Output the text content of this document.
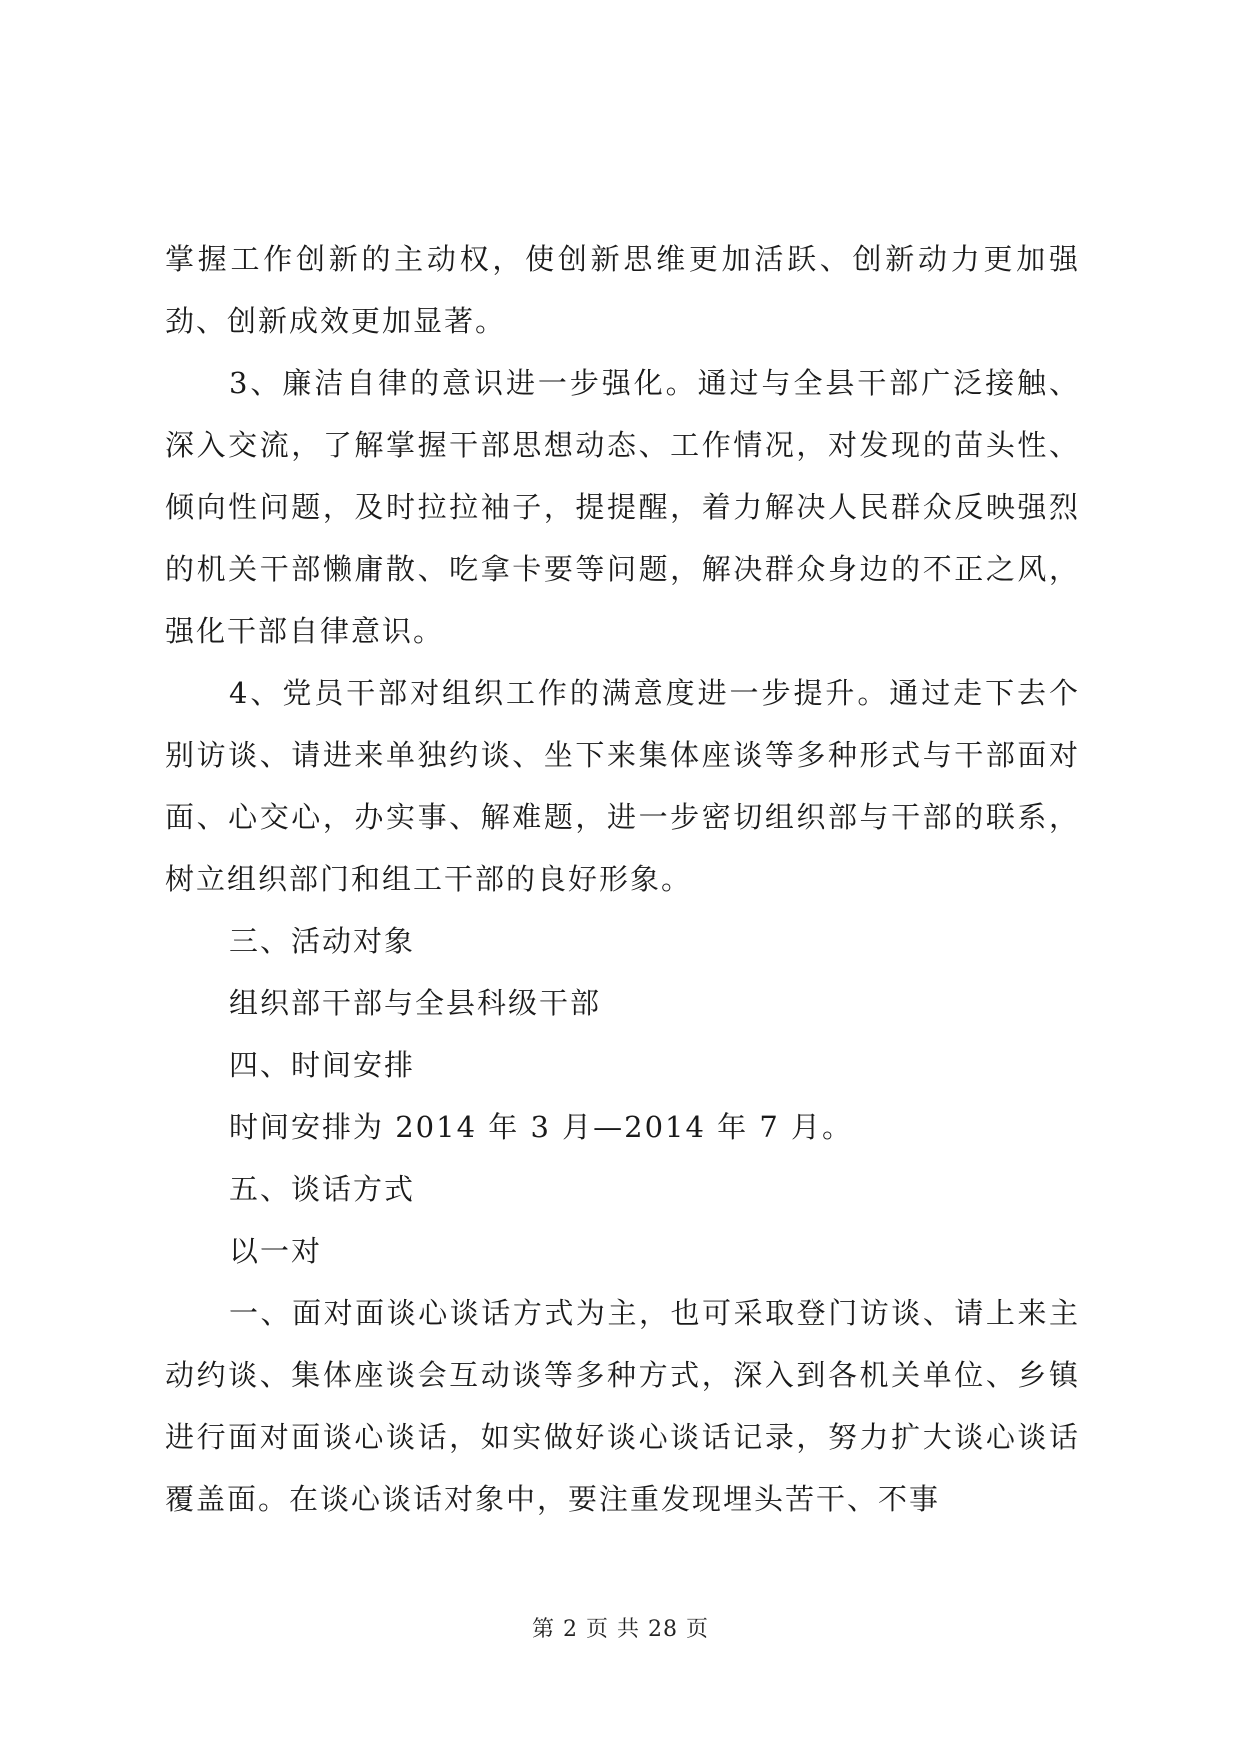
掌握工作创新的主动权，使创新思维更加活跃、创新动力更加强劲、创新成效更加显著。

3、廉洁自律的意识进一步强化。通过与全县干部广泛接触、深入交流，了解掌握干部思想动态、工作情况，对发现的苗头性、倾向性问题，及时拉拉袖子，提提醒，着力解决人民群众反映强烈的机关干部懒庸散、吃拿卡要等问题，解决群众身边的不正之风，强化干部自律意识。

4、党员干部对组织工作的满意度进一步提升。通过走下去个别访谈、请进来单独约谈、坐下来集体座谈等多种形式与干部面对面、心交心，办实事、解难题，进一步密切组织部与干部的联系，树立组织部门和组工干部的良好形象。

三、活动对象

组织部干部与全县科级干部

四、时间安排

时间安排为 2014 年 3 月—2014 年 7 月。

五、谈话方式

以一对

一、面对面谈心谈话方式为主，也可采取登门访谈、请上来主动约谈、集体座谈会互动谈等多种方式，深入到各机关单位、乡镇进行面对面谈心谈话，如实做好谈心谈话记录，努力扩大谈心谈话覆盖面。在谈心谈话对象中，要注重发现埋头苦干、不事

第 2 页 共 28 页
